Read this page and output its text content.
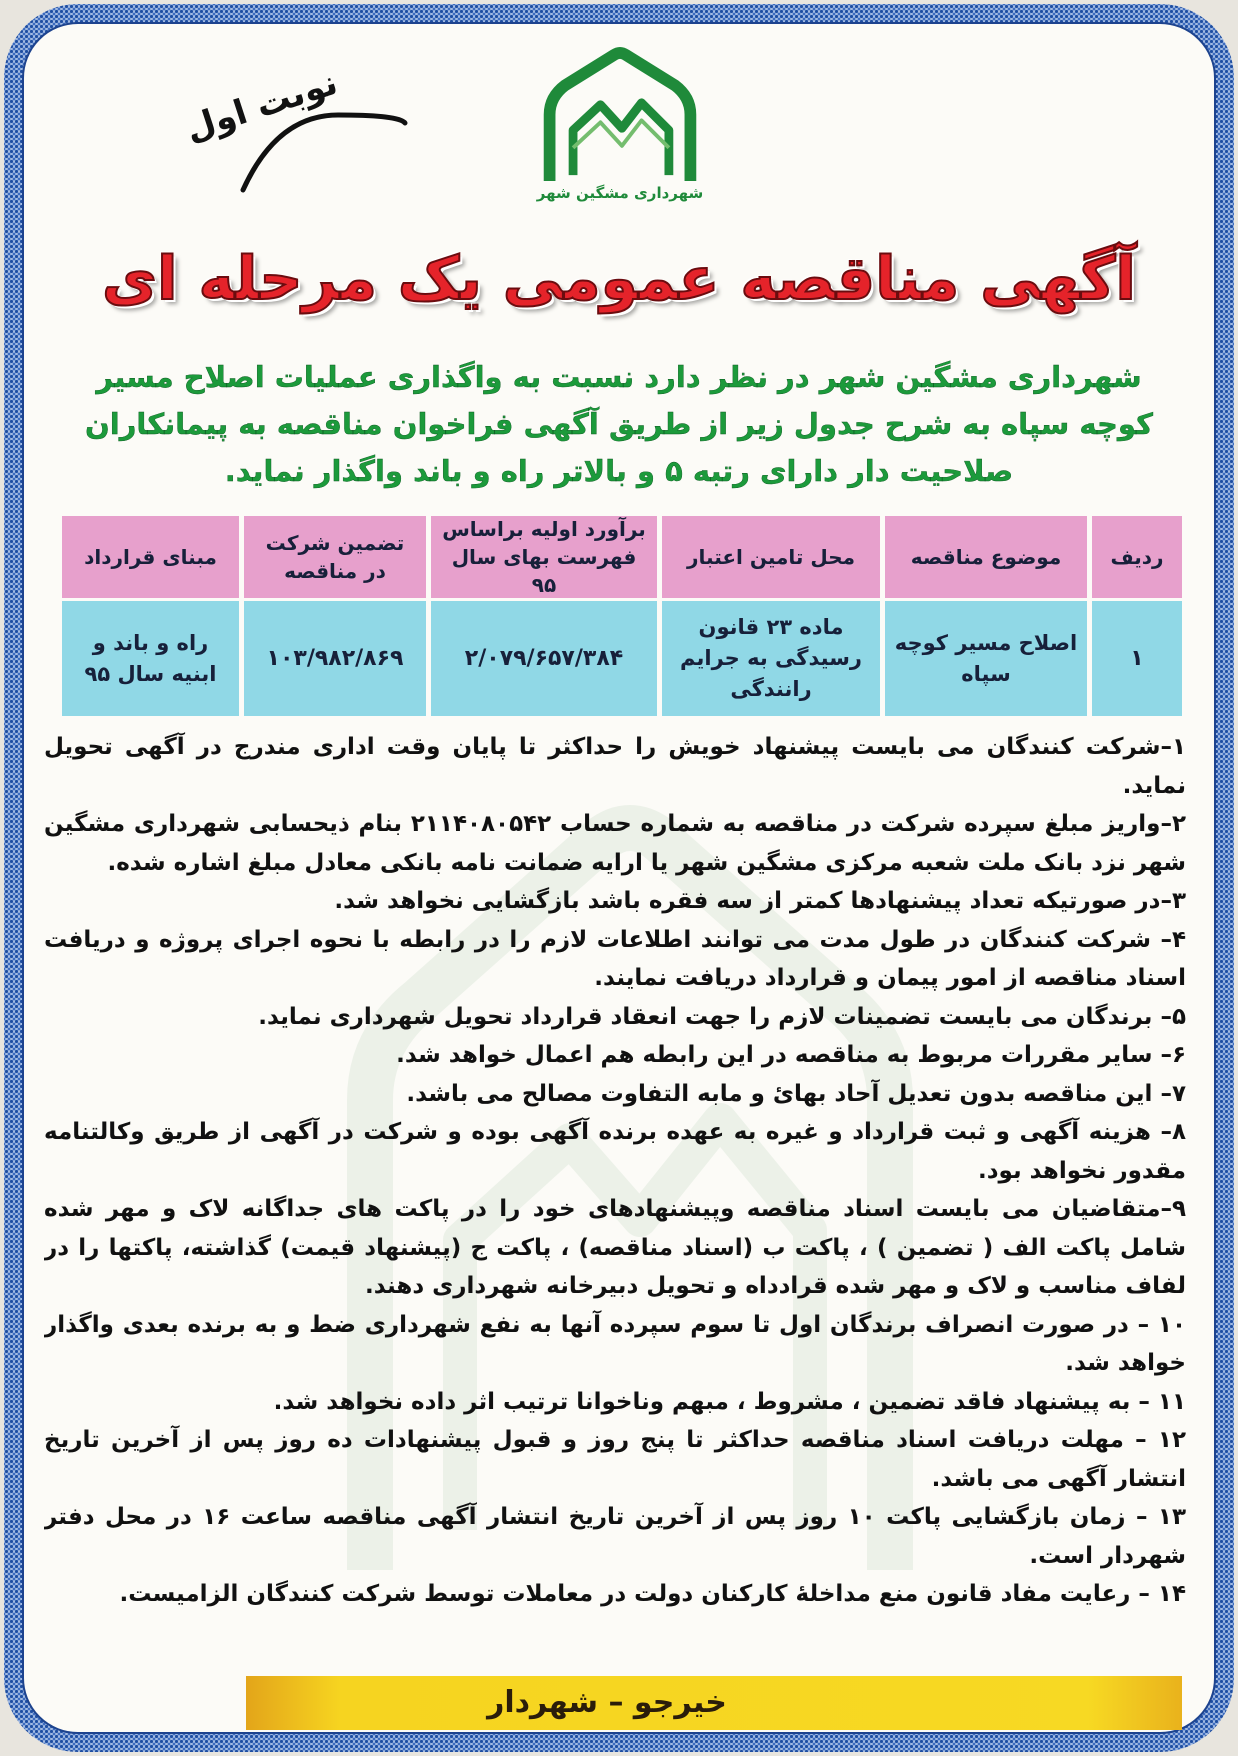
شهرداری مشگین شهر
نوبت اول
آگهی مناقصه عمومی یک مرحله ای
شهرداری مشگین شهر در نظر دارد نسبت به واگذاری عملیات اصلاح مسیر
کوچه سپاه به شرح جدول زیر از طریق آگهی فراخوان مناقصه به پیمانکاران
صلاحیت دار دارای رتبه ۵ و بالاتر راه و باند واگذار نماید.
ردیف
موضوع مناقصه
محل تامین اعتبار
برآورد اولیه براساس فهرست بهای سال ۹۵
تضمین شرکت در مناقصه
مبنای قرارداد
۱
اصلاح مسیر کوچه سپاه
ماده ۲۳ قانون رسیدگی به جرایم رانندگی
۲/۰۷۹/۶۵۷/۳۸۴
۱۰۳/۹۸۲/۸۶۹
راه و باند و ابنیه سال ۹۵

۱–شرکت کنندگان می بایست پیشنهاد خویش را حداکثر تا پایان وقت اداری مندرج در آگهی تحویل نماید.

۲–واریز مبلغ سپرده شرکت در مناقصه به شماره حساب ۲۱۱۴۰۸۰۵۴۲ بنام ذیحسابی شهرداری مشگین شهر نزد بانک ملت شعبه مرکزی مشگین شهر یا ارایه ضمانت نامه بانکی معادل مبلغ اشاره شده.

۳–در صورتیکه تعداد پیشنهادها کمتر از سه فقره باشد بازگشایی نخواهد شد.

۴– شرکت کنندگان در طول مدت می توانند اطلاعات لازم را در رابطه با نحوه اجرای پروژه و دریافت اسناد مناقصه از امور پیمان و قرارداد دریافت نمایند.

۵– برندگان می بایست تضمینات لازم را جهت انعقاد قرارداد تحویل شهرداری نماید.

۶– سایر مقررات مربوط به مناقصه در این رابطه هم اعمال خواهد شد.

۷– این مناقصه بدون تعدیل آحاد بهائ و مابه التفاوت مصالح می باشد.

۸– هزینه آگهی و ثبت قرارداد و غیره به عهده برنده آگهی بوده و شرکت در آگهی از طریق وکالتنامه مقدور نخواهد بود.

۹–متقاضیان می بایست اسناد مناقصه وپیشنهادهای خود را در پاکت های جداگانه لاک و مهر شده شامل پاکت الف ( تضمین ) ، پاکت ب (اسناد مناقصه) ، پاکت ج (پیشنهاد قیمت) گذاشته، پاکتها را در لفاف مناسب و لاک و مهر شده قرادداه و تحویل دبیرخانه شهرداری دهند.

۱۰ – در صورت انصراف برندگان اول تا سوم سپرده آنها به نفع شهرداری ضط و به برنده بعدی واگذار خواهد شد.

۱۱ – به پیشنهاد فاقد تضمین ، مشروط ، مبهم وناخوانا ترتیب اثر داده نخواهد شد.

۱۲ – مهلت دریافت اسناد مناقصه حداکثر تا پنج روز و قبول پیشنهادات ده روز پس از آخرین تاریخ انتشار آگهی می باشد.

۱۳ – زمان بازگشایی پاکت ۱۰ روز پس از آخرین تاریخ انتشار آگهی مناقصه ساعت ۱۶ در محل دفتر شهردار است.

۱۴ – رعایت مفاد قانون منع مداخلهٔ کارکنان دولت در معاملات توسط شرکت کنندگان الزامیست.

خیرجو – شهردار
